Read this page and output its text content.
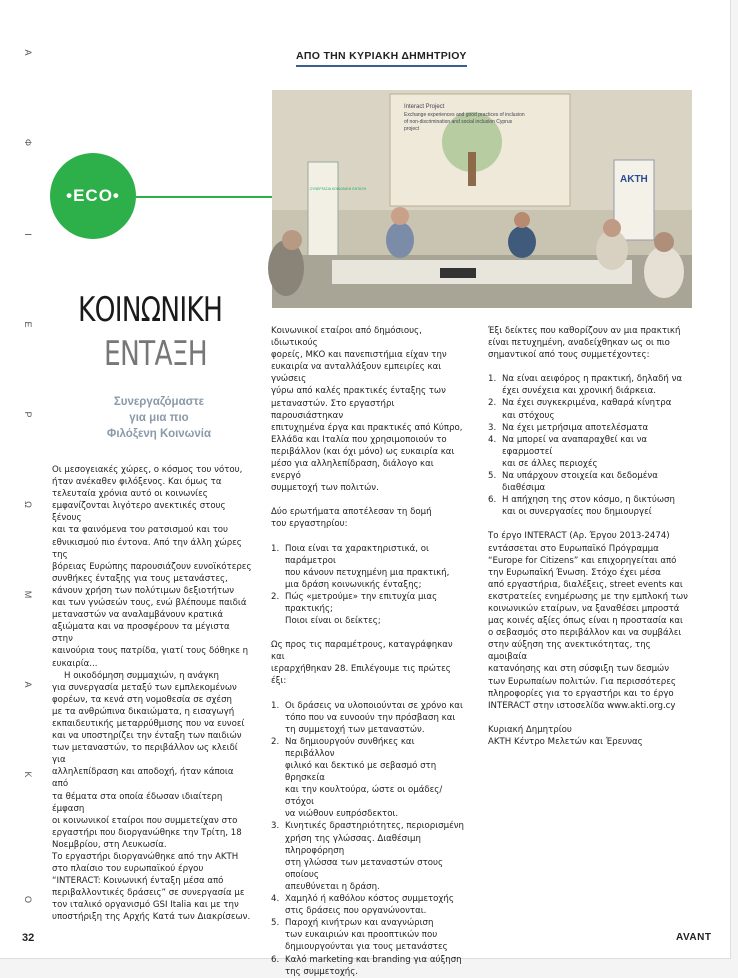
Α
Φ
Ι
Ε
Ρ
Ω
Μ
Α
Κ
Ο
ΑΠΟ ΤΗΝ ΚΥΡΙΑΚΗ ΔΗΜΗΤΡΙΟΥ
Interact Project
Exchange experiences and good practices of inclusion
of non-discrimination and social inclusion Cyprus
project
ΣΥΝΕΡΓΑΣΙΑ ΚΟΙΝΩΝΙΚΗ ΕΝΤΑΞΗ
ΑΚΤΗ
•ECO•
ΚΟΙΝΩΝΙΚΗ
ΕΝΤΑΞΗ
Συνεργαζόμαστε
για μια πιο
Φιλόξενη Κοινωνία

Οι μεσογειακές χώρες, ο κόσμος του νότου,

ήταν ανέκαθεν φιλόξενος. Και όμως τα

τελευταία χρόνια αυτό οι κοινωνίες

εμφανίζονται λιγότερο ανεκτικές στους ξένους

και τα φαινόμενα του ρατσισμού και του

εθνικισμού πιο έντονα. Από την άλλη χώρες της

βόρειας Ευρώπης παρουσιάζουν ευνοϊκότερες

συνθήκες ένταξης για τους μετανάστες,

κάνουν χρήση των πολύτιμων δεξιοτήτων

και των γνώσεών τους, ενώ βλέπουμε παιδιά

μεταναστών να αναλαμβάνουν κρατικά

αξιώματα και να προσφέρουν τα μέγιστα στην

καινούρια τους πατρίδα, γιατί τους δόθηκε η

ευκαιρία...

Η οικοδόμηση συμμαχιών, η ανάγκη

για συνεργασία μεταξύ των εμπλεκομένων

φορέων, τα κενά στη νομοθεσία σε σχέση

με τα ανθρώπινα δικαιώματα, η εισαγωγή

εκπαιδευτικής μεταρρύθμισης που να ευνοεί

και να υποστηρίζει την ένταξη των παιδιών

των μεταναστών, το περιβάλλον ως κλειδί για

αλληλεπίδραση και αποδοχή, ήταν κάποια από

τα θέματα στα οποία έδωσαν ιδιαίτερη έμφαση

οι κοινωνικοί εταίροι που συμμετείχαν στο

εργαστήρι που διοργανώθηκε την Τρίτη, 18

Νοεμβρίου, στη Λευκωσία.

Το εργαστήρι διοργανώθηκε από την ΑΚΤΗ

στο πλαίσιο του ευρωπαϊκού έργου

“INTERACT: Κοινωνική ένταξη μέσα από

περιβαλλοντικές δράσεις” σε συνεργασία με

τον ιταλικό οργανισμό GSI Italia και με την

υποστήριξη της Αρχής Κατά των Διακρίσεων.

Κοινωνικοί εταίροι από δημόσιους, ιδιωτικούς

φορείς, ΜΚΟ και πανεπιστήμια είχαν την

ευκαιρία να ανταλλάξουν εμπειρίες και γνώσεις

γύρω από καλές πρακτικές ένταξης των

μεταναστών. Στο εργαστήρι παρουσιάστηκαν

επιτυχημένα έργα και πρακτικές από Κύπρο,

Ελλάδα και Ιταλία που χρησιμοποιούν το

περιβάλλον (και όχι μόνο) ως ευκαιρία και

μέσο για αλληλεπίδραση, διάλογο και ενεργό

συμμετοχή των πολιτών.

Δύο ερωτήματα αποτέλεσαν τη δομή

του εργαστηρίου:

1. Ποια είναι τα χαρακτηριστικά, οι παράμετροι

που κάνουν πετυχημένη μια πρακτική,

μια δράση κοινωνικής ένταξης;

2. Πώς «μετρούμε» την επιτυχία μιας πρακτικής;

Ποιοι είναι οι δείκτες;

Ως προς τις παραμέτρους, καταγράφηκαν και

ιεραρχήθηκαν 28. Επιλέγουμε τις πρώτες έξι:

1. Οι δράσεις να υλοποιούνται σε χρόνο και

τόπο που να ευνοούν την πρόσβαση και

τη συμμετοχή των μεταναστών.

2. Να δημιουργούν συνθήκες και περιβάλλον

φιλικό και δεκτικό με σεβασμό στη θρησκεία

και την κουλτούρα, ώστε οι ομάδες/στόχοι

να νιώθουν ευπρόσδεκτοι.

3. Κινητικές δραστηριότητες, περιορισμένη

χρήση της γλώσσας. Διαθέσιμη πληροφόρηση

στη γλώσσα των μεταναστών στους οποίους

απευθύνεται η δράση.

4. Χαμηλό ή καθόλου κόστος συμμετοχής

στις δράσεις που οργανώνονται.

5. Παροχή κινήτρων και αναγνώριση

των ευκαιριών και προοπτικών που

δημιουργούνται για τους μετανάστες

6. Καλό marketing και branding για αύξηση

της συμμετοχής.

Έξι δείκτες που καθορίζουν αν μια πρακτική

είναι πετυχημένη, αναδείχθηκαν ως οι πιο

σημαντικοί από τους συμμετέχοντες:

1. Να είναι αειφόρος η πρακτική, δηλαδή να

έχει συνέχεια και χρονική διάρκεια.

2. Να έχει συγκεκριμένα, καθαρά κίνητρα

και στόχους

3. Να έχει μετρήσιμα αποτελέσματα

4. Να μπορεί να αναπαραχθεί και να εφαρμοστεί

και σε άλλες περιοχές

5. Να υπάρχουν στοιχεία και δεδομένα

διαθέσιμα

6. Η απήχηση της στον κόσμο, η δικτύωση

και οι συνεργασίες που δημιουργεί

Το έργο INTERACT (Αρ. Έργου 2013-2474)

εντάσσεται στο Ευρωπαϊκό Πρόγραμμα

“Europe for Citizens” και επιχορηγείται από

την Ευρωπαϊκή Ένωση. Στόχο έχει μέσα

από εργαστήρια, διαλέξεις, street events και

εκστρατείες ενημέρωσης με την εμπλοκή των

κοινωνικών εταίρων, να ξαναθέσει μπροστά

μας κοινές αξίες όπως είναι η προστασία και

ο σεβασμός στο περιβάλλον και να συμβάλει

στην αύξηση της ανεκτικότητας, της αμοιβαία

κατανόησης και στη σύσφιξη των δεσμών

των Ευρωπαίων πολιτών. Για περισσότερες

πληροφορίες για το εργαστήρι και το έργο

INTERACT στην ιστοσελίδα www.akti.org.cy

Κυριακή Δημητρίου

ΑΚΤΗ Κέντρο Μελετών και Έρευνας

32	AVANT
